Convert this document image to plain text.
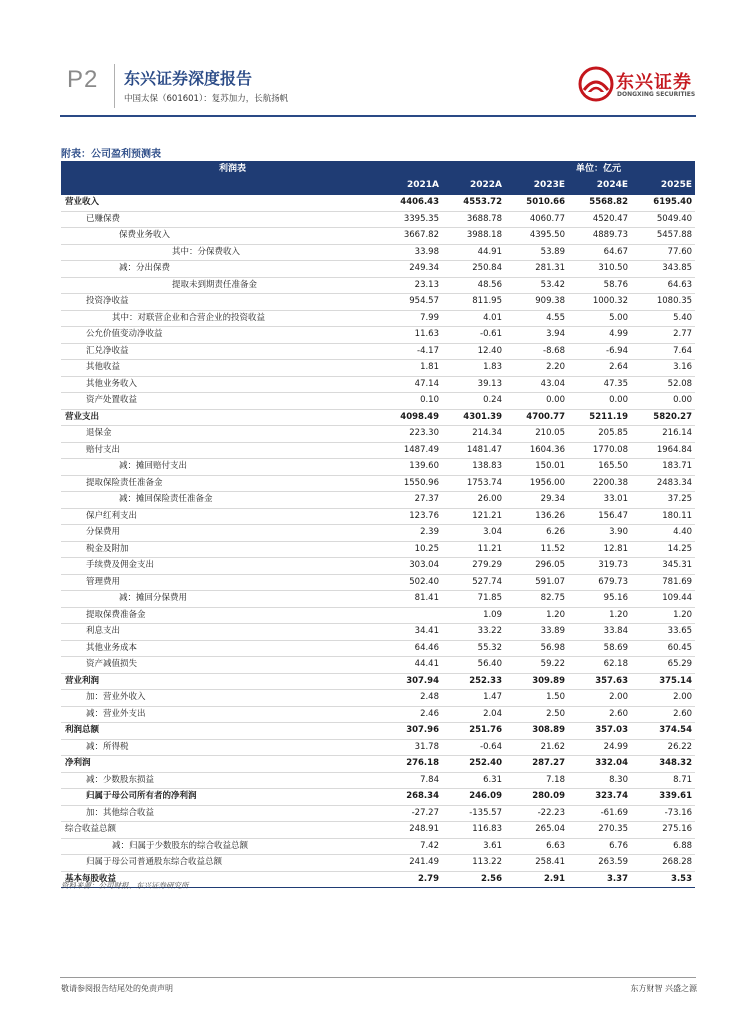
P2 东兴证券深度报告
中国太保（601601）：复苏加力，长航扬帆
东兴证券
DONGXING SECURITIES
附表：公司盈利预测表
利润表				单位：亿元	
	2021A	2022A	2023E	2024E	2025E
营业收入	4406.43	4553.72	5010.66	5568.82	6195.40
已赚保费	3395.35	3688.78	4060.77	4520.47	5049.40
保费业务收入	3667.82	3988.18	4395.50	4889.73	5457.88
其中：分保费收入	33.98	44.91	53.89	64.67	77.60
减：分出保费	249.34	250.84	281.31	310.50	343.85
提取未到期责任准备金	23.13	48.56	53.42	58.76	64.63
投资净收益	954.57	811.95	909.38	1000.32	1080.35
其中：对联营企业和合营企业的投资收益	7.99	4.01	4.55	5.00	5.40
公允价值变动净收益	11.63	-0.61	3.94	4.99	2.77
汇兑净收益	-4.17	12.40	-8.68	-6.94	7.64
其他收益	1.81	1.83	2.20	2.64	3.16
其他业务收入	47.14	39.13	43.04	47.35	52.08
资产处置收益	0.10	0.24	0.00	0.00	0.00
营业支出	4098.49	4301.39	4700.77	5211.19	5820.27
退保金	223.30	214.34	210.05	205.85	216.14
赔付支出	1487.49	1481.47	1604.36	1770.08	1964.84
减：摊回赔付支出	139.60	138.83	150.01	165.50	183.71
提取保险责任准备金	1550.96	1753.74	1956.00	2200.38	2483.34
减：摊回保险责任准备金	27.37	26.00	29.34	33.01	37.25
保户红利支出	123.76	121.21	136.26	156.47	180.11
分保费用	2.39	3.04	6.26	3.90	4.40
税金及附加	10.25	11.21	11.52	12.81	14.25
手续费及佣金支出	303.04	279.29	296.05	319.73	345.31
管理费用	502.40	527.74	591.07	679.73	781.69
减：摊回分保费用	81.41	71.85	82.75	95.16	109.44
提取保费准备金		1.09	1.20	1.20	1.20
利息支出	34.41	33.22	33.89	33.84	33.65
其他业务成本	64.46	55.32	56.98	58.69	60.45
资产减值损失	44.41	56.40	59.22	62.18	65.29
营业利润	307.94	252.33	309.89	357.63	375.14
加：营业外收入	2.48	1.47	1.50	2.00	2.00
减：营业外支出	2.46	2.04	2.50	2.60	2.60
利润总额	307.96	251.76	308.89	357.03	374.54
减：所得税	31.78	-0.64	21.62	24.99	26.22
净利润	276.18	252.40	287.27	332.04	348.32
减：少数股东损益	7.84	6.31	7.18	8.30	8.71
归属于母公司所有者的净利润	268.34	246.09	280.09	323.74	339.61
加：其他综合收益	-27.27	-135.57	-22.23	-61.69	-73.16
综合收益总额	248.91	116.83	265.04	270.35	275.16
减：归属于少数股东的综合收益总额	7.42	3.61	6.63	6.76	6.88
归属于母公司普通股东综合收益总额	241.49	113.22	258.41	263.59	268.28
基本每股收益	2.79	2.56	2.91	3.37	3.53
资料来源：公司财报、东兴证券研究所
敬请参阅报告结尾处的免责声明	东方财智 兴盛之源
